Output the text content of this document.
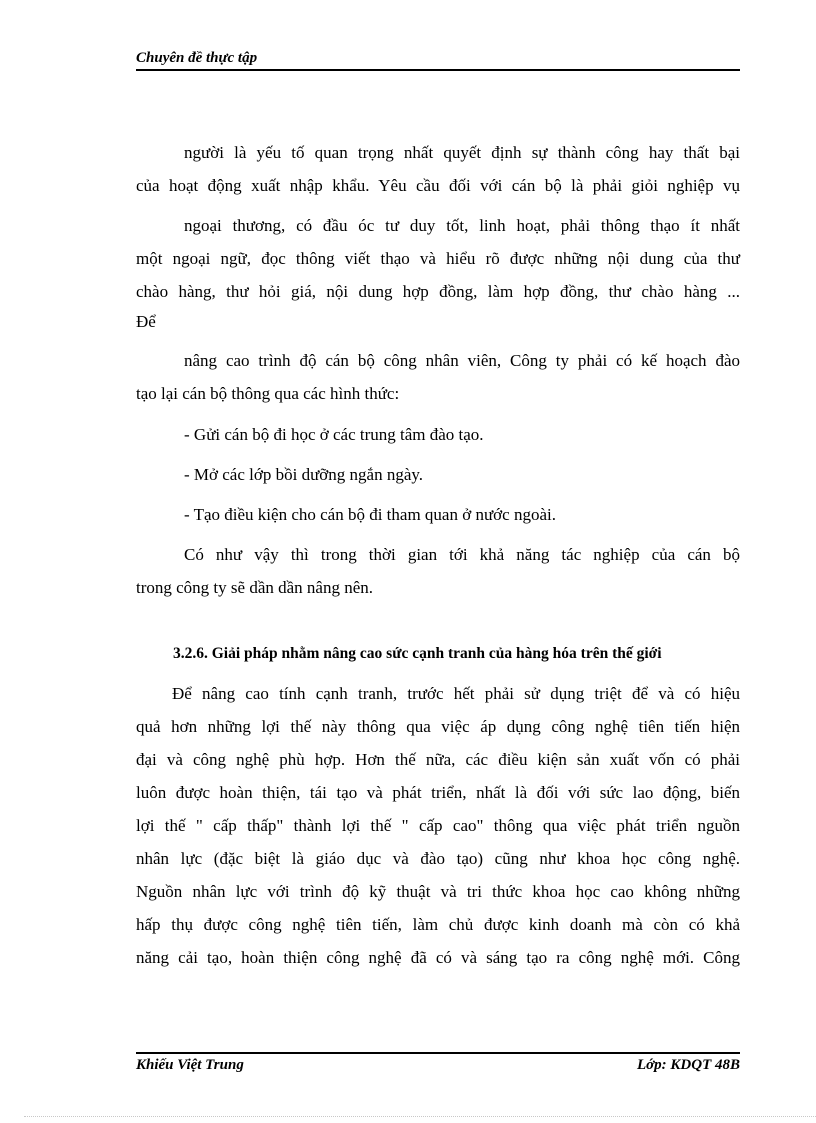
Chuyên đề thực tập
người là yếu tố quan trọng nhất quyết định sự thành công hay thất bại
của hoạt động xuất nhập khẩu. Yêu cầu đối với cán bộ là phải giỏi nghiệp vụ
ngoại thương, có đầu óc tư duy tốt, linh hoạt, phải thông thạo ít nhất
một ngoại ngữ, đọc thông viết thạo và hiểu rõ được những nội dung của thư
chào hàng, thư hỏi giá, nội dung hợp đồng, làm hợp đồng, thư chào hàng ...
Để
nâng cao trình độ cán bộ công nhân viên, Công ty phải có kế hoạch đào
tạo lại cán bộ thông qua các hình thức:
- Gửi cán bộ đi học ở các trung tâm đào tạo.
- Mở các lớp bồi dưỡng ngắn ngày.
- Tạo điều kiện cho cán bộ đi tham quan ở nước ngoài.
Có như vậy thì trong thời gian tới khả năng tác nghiệp của cán bộ
trong công ty sẽ dần dần nâng nên.
3.2.6. Giải pháp nhằm nâng cao sức cạnh tranh của hàng hóa trên thế giới
Để nâng cao tính cạnh tranh, trước hết phải sử dụng triệt để và có hiệu
quả hơn những lợi thế này thông qua việc áp dụng công nghệ tiên tiến hiện
đại và công nghệ phù hợp. Hơn thế nữa, các điều kiện sản xuất vốn có phải
luôn được hoàn thiện, tái tạo và phát triển, nhất là đối với sức lao động, biến
lợi thế " cấp thấp" thành lợi thế " cấp cao" thông qua việc phát triển nguồn
nhân lực (đặc biệt là giáo dục và đào tạo) cũng như khoa học công nghệ.
Nguồn nhân lực với trình độ kỹ thuật và tri thức khoa học cao không những
hấp thụ được công nghệ tiên tiến, làm chủ được kinh doanh mà còn có khả
năng cải tạo, hoàn thiện công nghệ đã có và sáng tạo ra công nghệ mới. Công
Khiếu Việt Trung	Lớp: KDQT 48B
